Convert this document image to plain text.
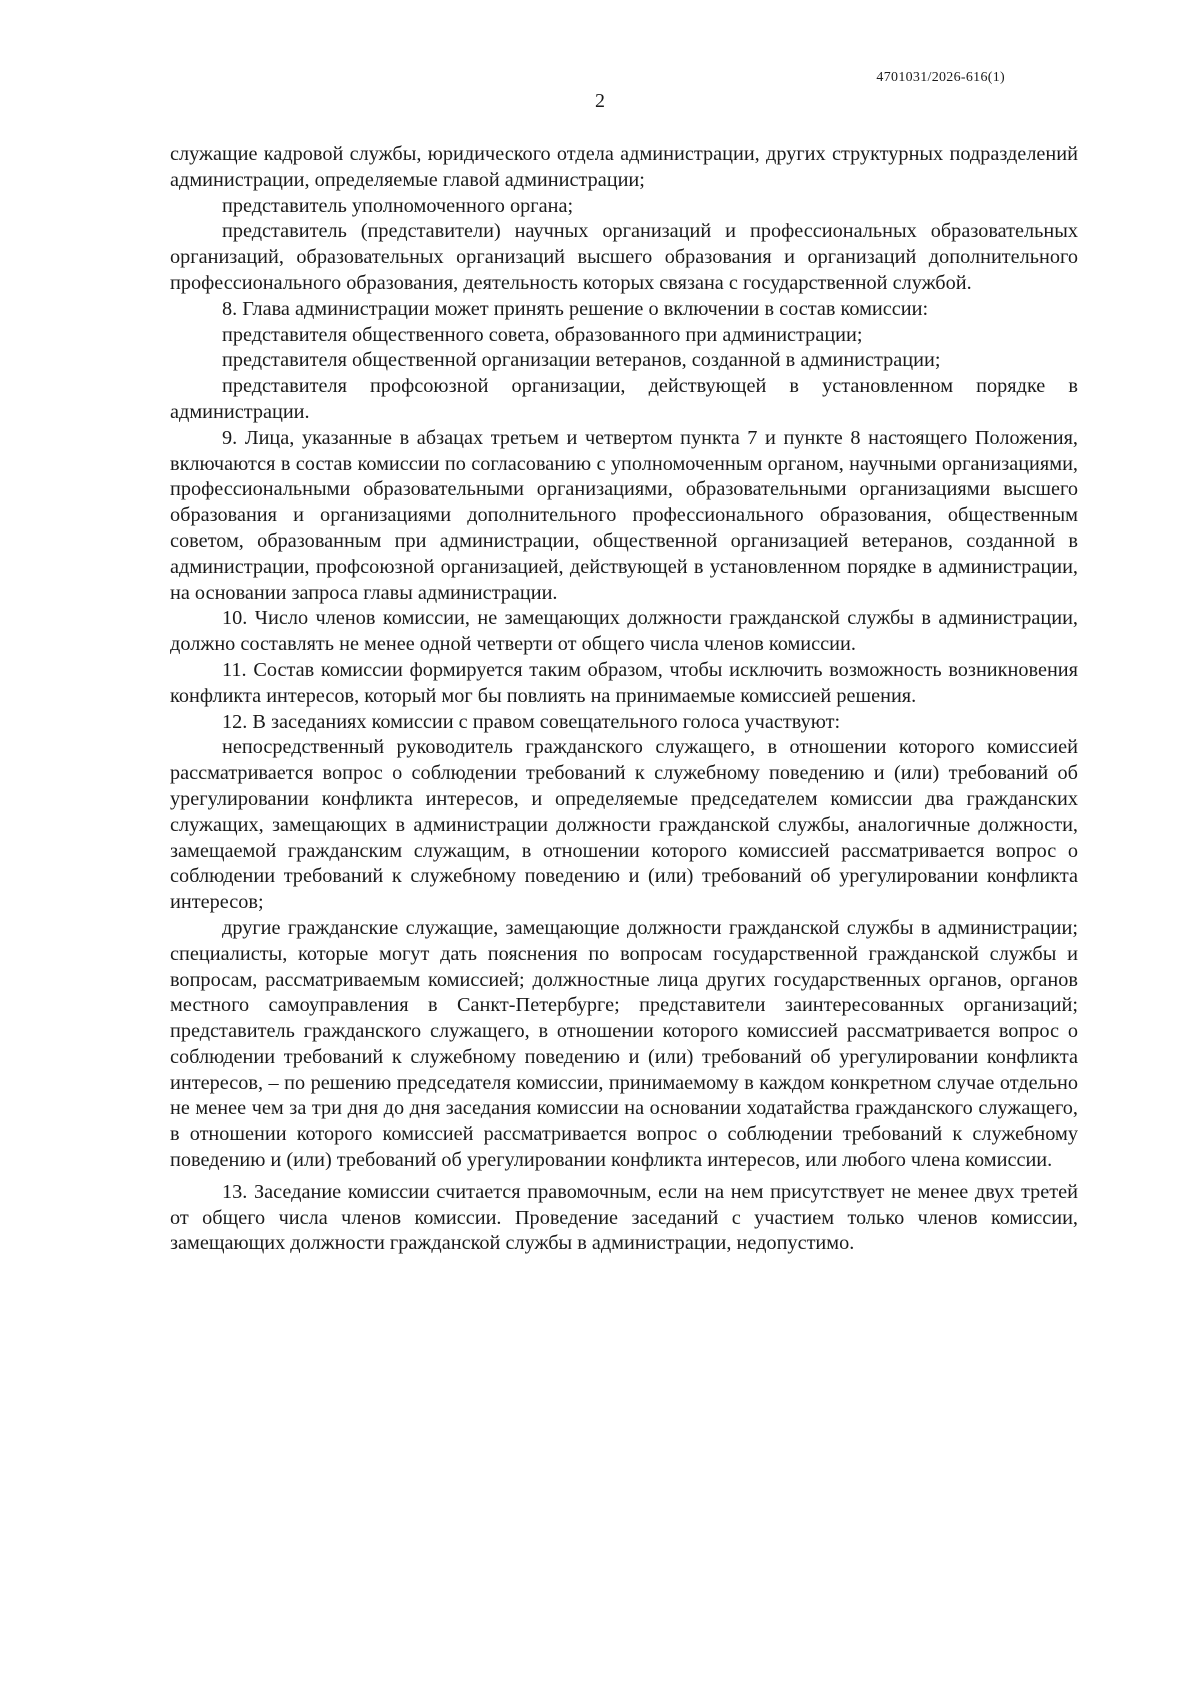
4701031/2026-616(1)
2

служащие кадровой службы, юридического отдела администрации, других структурных подразделений администрации, определяемые главой администрации;

представитель уполномоченного органа;

представитель (представители) научных организаций и профессиональных образовательных организаций, образовательных организаций высшего образования и организаций дополнительного профессионального образования, деятельность которых связана с государственной службой.

8. Глава администрации может принять решение о включении в состав комиссии:

представителя общественного совета, образованного при администрации;

представителя общественной организации ветеранов, созданной в администрации;

представителя профсоюзной организации, действующей в установленном порядке в администрации.

9. Лица, указанные в абзацах третьем и четвертом пункта 7 и пункте 8 настоящего Положения, включаются в состав комиссии по согласованию с уполномоченным органом, научными организациями, профессиональными образовательными организациями, образовательными организациями высшего образования и организациями дополнительного профессионального образования, общественным советом, образованным при администрации, общественной организацией ветеранов, созданной в администрации, профсоюзной организацией, действующей в установленном порядке в администрации, на основании запроса главы администрации.

10. Число членов комиссии, не замещающих должности гражданской службы в администрации, должно составлять не менее одной четверти от общего числа членов комиссии.

11. Состав комиссии формируется таким образом, чтобы исключить возможность возникновения конфликта интересов, который мог бы повлиять на принимаемые комиссией решения.

12. В заседаниях комиссии с правом совещательного голоса участвуют:

непосредственный руководитель гражданского служащего, в отношении которого комиссией рассматривается вопрос о соблюдении требований к служебному поведению и (или) требований об урегулировании конфликта интересов, и определяемые председателем комиссии два гражданских служащих, замещающих в администрации должности гражданской службы, аналогичные должности, замещаемой гражданским служащим, в отношении которого комиссией рассматривается вопрос о соблюдении требований к служебному поведению и (или) требований об урегулировании конфликта интересов;

другие гражданские служащие, замещающие должности гражданской службы в администрации; специалисты, которые могут дать пояснения по вопросам государственной гражданской службы и вопросам, рассматриваемым комиссией; должностные лица других государственных органов, органов местного самоуправления в Санкт-Петербурге; представители заинтересованных организаций; представитель гражданского служащего, в отношении которого комиссией рассматривается вопрос о соблюдении требований к служебному поведению и (или) требований об урегулировании конфликта интересов, – по решению председателя комиссии, принимаемому в каждом конкретном случае отдельно не менее чем за три дня до дня заседания комиссии на основании ходатайства гражданского служащего, в отношении которого комиссией рассматривается вопрос о соблюдении требований к служебному поведению и (или) требований об урегулировании конфликта интересов, или любого члена комиссии.

13. Заседание комиссии считается правомочным, если на нем присутствует не менее двух третей от общего числа членов комиссии. Проведение заседаний с участием только членов комиссии, замещающих должности гражданской службы в администрации, недопустимо.
